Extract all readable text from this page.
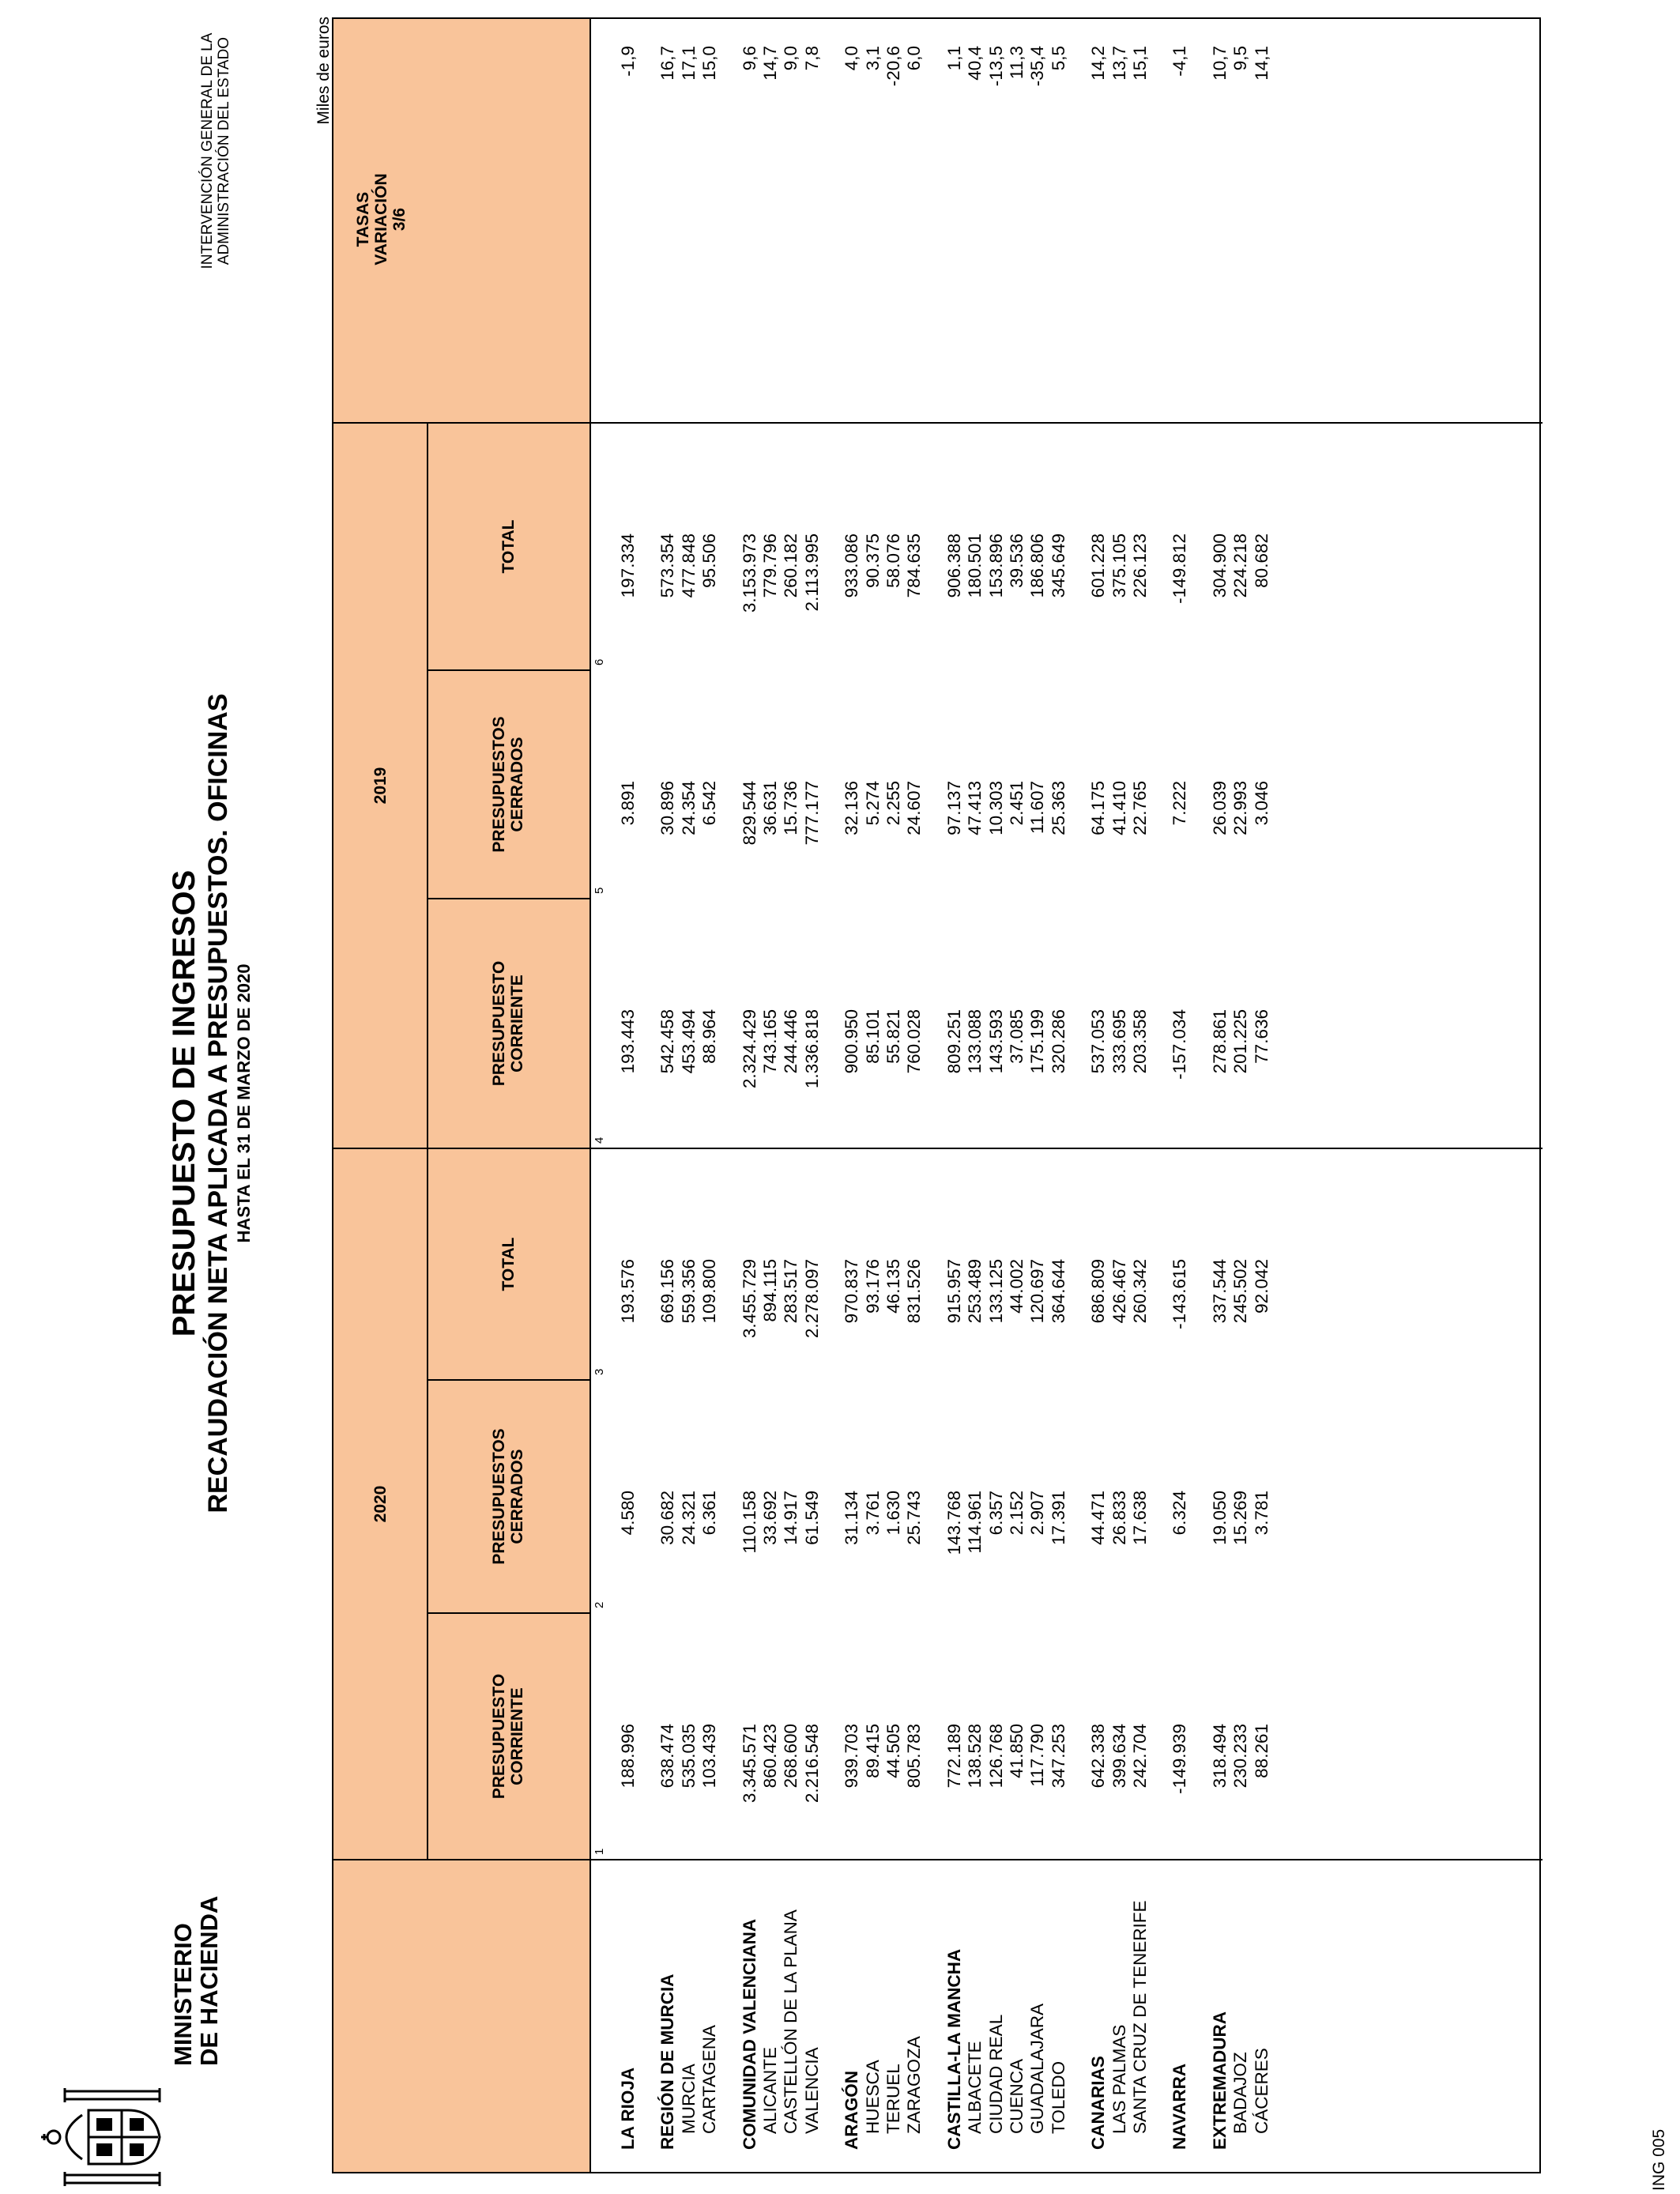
MINISTERIO
DE HACIENDA
PRESUPUESTO DE INGRESOS RECAUDACIÓN NETA APLICADA A PRESUPUESTOS. OFICINAS HASTA EL 31 DE MARZO DE 2020
INTERVENCIÓN GENERAL DE LA ADMINISTRACIÓN DEL ESTADO	Miles de euros
ING 005
2020
2019
PRESUPUESTO
CORRIENTE
1
PRESUPUESTOS
CERRADOS
2
TOTAL
3
PRESUPUESTO
CORRIENTE
4
PRESUPUESTOS
CERRADOS
5
TOTAL
6
TASAS
VARIACIÓN
3/6
LA RIOJA
188.996
4.580
193.576
193.443
3.891
197.334
-1,9
REGIÓN DE MURCIA
638.474
30.682
669.156
542.458
30.896
573.354
16,7
MURCIA
535.035
24.321
559.356
453.494
24.354
477.848
17,1
CARTAGENA
103.439
6.361
109.800
88.964
6.542
95.506
15,0
COMUNIDAD VALENCIANA
3.345.571
110.158
3.455.729
2.324.429
829.544
3.153.973
9,6
ALICANTE
860.423
33.692
894.115
743.165
36.631
779.796
14,7
CASTELLÓN DE LA PLANA
268.600
14.917
283.517
244.446
15.736
260.182
9,0
VALENCIA
2.216.548
61.549
2.278.097
1.336.818
777.177
2.113.995
7,8
ARAGÓN
939.703
31.134
970.837
900.950
32.136
933.086
4,0
HUESCA
89.415
3.761
93.176
85.101
5.274
90.375
3,1
TERUEL
44.505
1.630
46.135
55.821
2.255
58.076
-20,6
ZARAGOZA
805.783
25.743
831.526
760.028
24.607
784.635
6,0
CASTILLA-LA MANCHA
772.189
143.768
915.957
809.251
97.137
906.388
1,1
ALBACETE
138.528
114.961
253.489
133.088
47.413
180.501
40,4
CIUDAD REAL
126.768
6.357
133.125
143.593
10.303
153.896
-13,5
CUENCA
41.850
2.152
44.002
37.085
2.451
39.536
11,3
GUADALAJARA
117.790
2.907
120.697
175.199
11.607
186.806
-35,4
TOLEDO
347.253
17.391
364.644
320.286
25.363
345.649
5,5
CANARIAS
642.338
44.471
686.809
537.053
64.175
601.228
14,2
LAS PALMAS
399.634
26.833
426.467
333.695
41.410
375.105
13,7
SANTA CRUZ DE TENERIFE
242.704
17.638
260.342
203.358
22.765
226.123
15,1
NAVARRA
-149.939
6.324
-143.615
-157.034
7.222
-149.812
-4,1
EXTREMADURA
318.494
19.050
337.544
278.861
26.039
304.900
10,7
BADAJOZ
230.233
15.269
245.502
201.225
22.993
224.218
9,5
CÁCERES
88.261
3.781
92.042
77.636
3.046
80.682
14,1
